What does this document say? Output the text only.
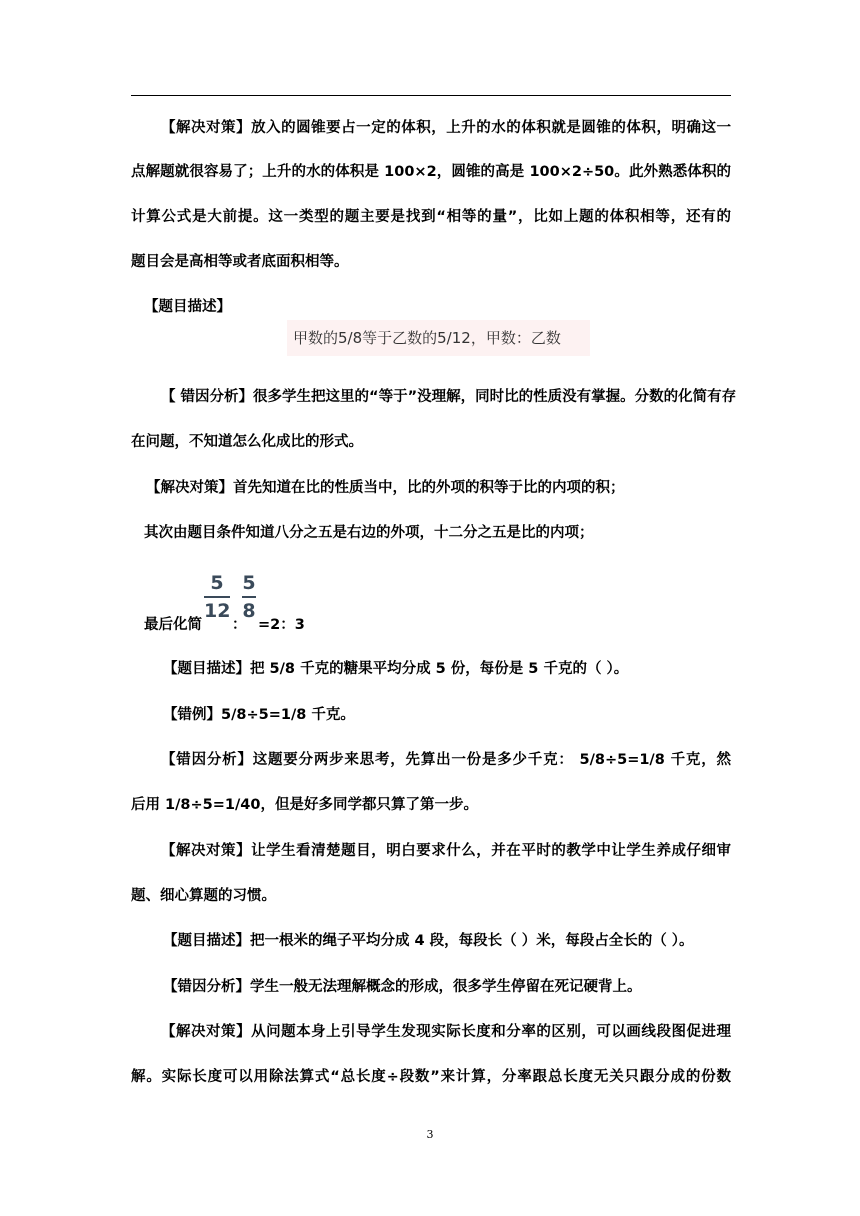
【解决对策】放入的圆锥要占一定的体积，上升的水的体积就是圆锥的体积，明确这一
点解题就很容易了；上升的水的体积是 100×2，圆锥的高是 100×2÷50。此外熟悉体积的
计算公式是大前提。这一类型的题主要是找到“相等的量”，比如上题的体积相等，还有的
题目会是高相等或者底面积相等。
【题目描述】
甲数的5/8等于乙数的5/12，甲数：乙数
【 错因分析】很多学生把这里的“等于”没理解，同时比的性质没有掌握。分数的化简有存
在问题，不知道怎么化成比的形式。
【解决对策】首先知道在比的性质当中，比的外项的积等于比的内项的积；
其次由题目条件知道八分之五是右边的外项，十二分之五是比的内项；
最后化简
5
12
：
5
8
=2：3
【题目描述】把 5/8 千克的糖果平均分成 5 份，每份是 5 千克的（ ）。
【错例】5/8÷5=1/8 千克。
【错因分析】这题要分两步来思考，先算出一份是多少千克： 5/8÷5=1/8 千克，然
后用 1/8÷5=1/40，但是好多同学都只算了第一步。
【解决对策】让学生看清楚题目，明白要求什么，并在平时的教学中让学生养成仔细审
题、细心算题的习惯。
【题目描述】把一根米的绳子平均分成 4 段，每段长（ ）米，每段占全长的（ ）。
【错因分析】学生一般无法理解概念的形成，很多学生停留在死记硬背上。
【解决对策】从问题本身上引导学生发现实际长度和分率的区别，可以画线段图促进理
解。实际长度可以用除法算式“总长度÷段数”来计算，分率跟总长度无关只跟分成的份数
3
